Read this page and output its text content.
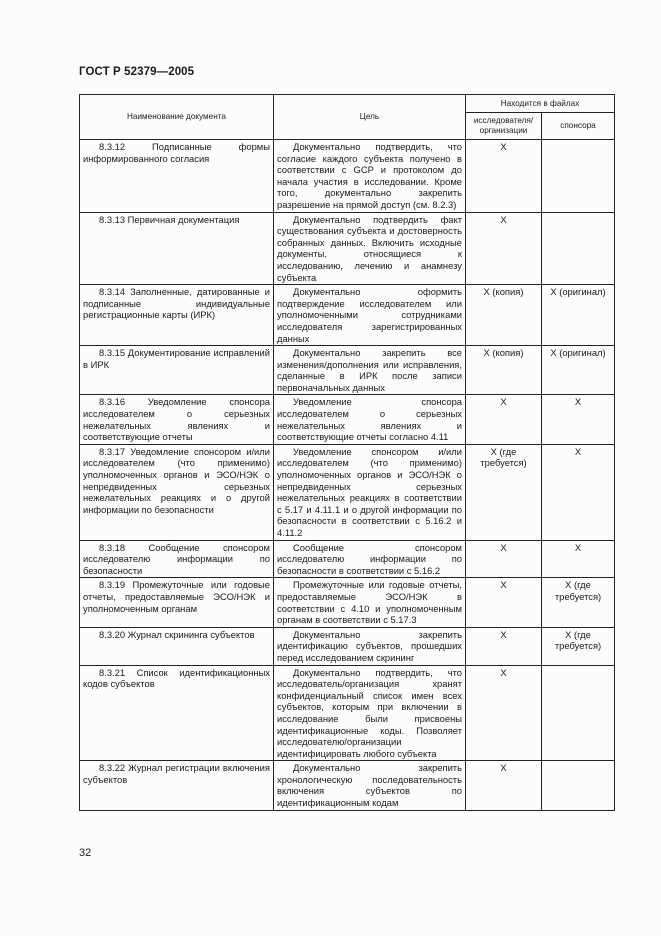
ГОСТ Р 52379—2005
Наименование документа	Цель	Находится в файлах	
		исследователя/ организации	спонсора

8.3.12 Подписанные формы информированного согласия	Документально подтвердить, что согласие каждого субъекта получено в соответствии с GCP и протоколом до начала участия в исследовании. Кроме того, документально закрепить разрешение на прямой доступ (см. 8.2.3)	X	

8.3.13 Первичная документация	Документально подтвердить факт существования субъекта и достоверность собранных данных. Включить исходные документы, относящиеся к исследованию, лечению и анамнезу субъекта	X	

8.3.14 Заполненные, датированные и подписанные индивидуальные регистрационные карты (ИРК)	Документально оформить подтверждение исследователем или уполномоченными сотрудниками исследователя зарегистрированных данных	X (копия)	X (оригинал)

8.3.15 Документирование исправлений в ИРК	Документально закрепить все изменения/дополнения или исправления, сделанные в ИРК после записи первоначальных данных	X (копия)	X (оригинал)

8.3.16 Уведомление спонсора исследователем о серьезных нежелательных явлениях и соответствующие отчеты	Уведомление спонсора исследователем о серьезных нежелательных явлениях и соответствующие отчеты согласно 4.11	X	X

8.3.17 Уведомление спонсором и/или исследователем (что применимо) уполномоченных органов и ЭСО/НЭК о непредвиденных серьезных нежелательных реакциях и о другой информации по безопасности	Уведомление спонсором и/или исследователем (что применимо) уполномоченных органов и ЭСО/НЭК о непредвиденных серьезных нежелательных реакциях в соответствии с 5.17 и 4.11.1 и о другой информации по безопасности в соответствии с 5.16.2 и 4.11.2	X (где требуется)	X

8.3.18 Сообщение спонсором исследователю информации по безопасности	Сообщение спонсором исследователю информации по безопасности в соответствии с 5.16.2	X	X

8.3.19 Промежуточные или годовые отчеты, предоставляемые ЭСО/НЭК и уполномоченным органам	Промежуточные или годовые отчеты, предоставляемые ЭСО/НЭК в соответствии с 4.10 и уполномоченным органам в соответствии с 5.17.3	X	X (где требуется)

8.3.20 Журнал скрининга субъектов	Документально закрепить идентификацию субъектов, прошедших перед исследованием скрининг	X	X (где требуется)

8.3.21 Список идентификационных кодов субъектов	Документально подтвердить, что исследователь/организация хранят конфиденциальный список имен всех субъектов, которым при включении в исследование были присвоены идентификационные коды. Позволяет исследователю/организации идентифицировать любого субъекта	X	

8.3.22 Журнал регистрации включения субъектов	Документально закрепить хронологическую последовательность включения субъектов по идентификационным кодам	X	
32
